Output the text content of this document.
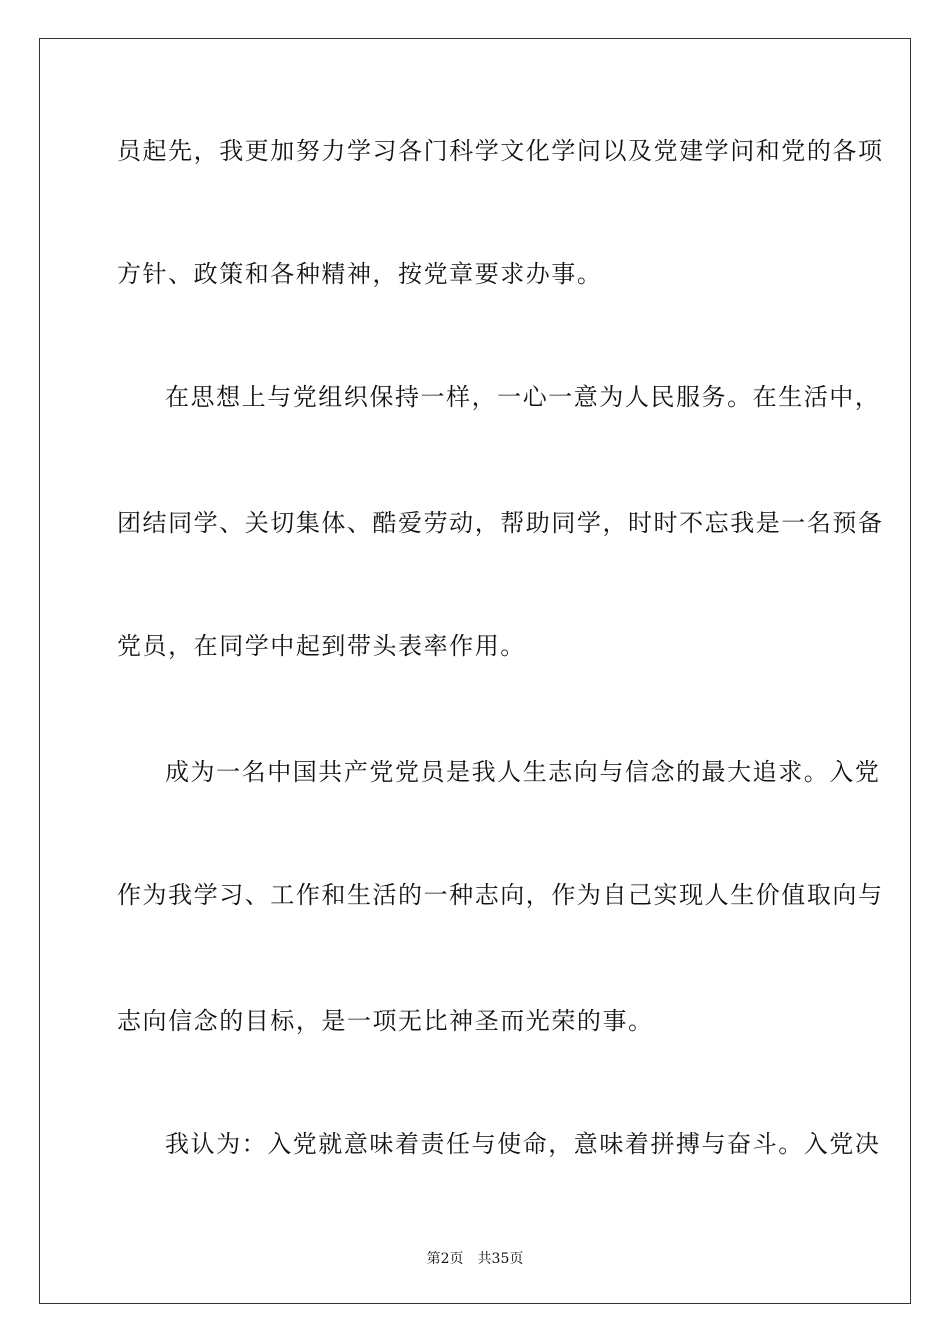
员起先，我更加努力学习各门科学文化学问以及党建学问和党的各项
方针、政策和各种精神，按党章要求办事。
在思想上与党组织保持一样，一心一意为人民服务。在生活中，
团结同学、关切集体、酷爱劳动，帮助同学，时时不忘我是一名预备
党员，在同学中起到带头表率作用。
成为一名中国共产党党员是我人生志向与信念的最大追求。入党
作为我学习、工作和生活的一种志向，作为自己实现人生价值取向与
志向信念的目标，是一项无比神圣而光荣的事。
我认为：入党就意味着责任与使命，意味着拼搏与奋斗。入党决
第2页 共35页
